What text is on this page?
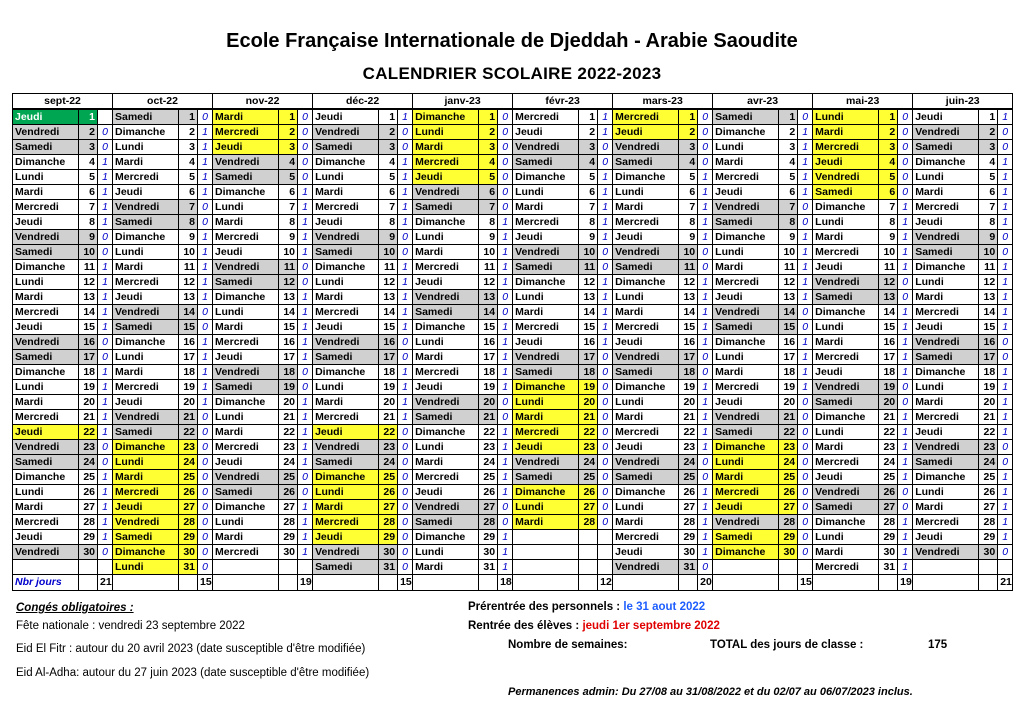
Ecole Française Internationale de Djeddah - Arabie Saoudite
CALENDRIER SCOLAIRE 2022-2023
sept-22			oct-22			nov-22			déc-22			janv-23			févr-23			mars-23			avr-23			mai-23			juin-23		
Jeudi	1		Samedi	1	0	Mardi	1	0	Jeudi	1	1	Dimanche	1	0	Mercredi	1	1	Mercredi	1	0	Samedi	1	0	Lundi	1	0	Jeudi	1	1
Vendredi	2	0	Dimanche	2	1	Mercredi	2	0	Vendredi	2	0	Lundi	2	0	Jeudi	2	1	Jeudi	2	0	Dimanche	2	1	Mardi	2	0	Vendredi	2	0
Samedi	3	0	Lundi	3	1	Jeudi	3	0	Samedi	3	0	Mardi	3	0	Vendredi	3	0	Vendredi	3	0	Lundi	3	1	Mercredi	3	0	Samedi	3	0
Dimanche	4	1	Mardi	4	1	Vendredi	4	0	Dimanche	4	1	Mercredi	4	0	Samedi	4	0	Samedi	4	0	Mardi	4	1	Jeudi	4	0	Dimanche	4	1
Lundi	5	1	Mercredi	5	1	Samedi	5	0	Lundi	5	1	Jeudi	5	0	Dimanche	5	1	Dimanche	5	1	Mercredi	5	1	Vendredi	5	0	Lundi	5	1
Mardi	6	1	Jeudi	6	1	Dimanche	6	1	Mardi	6	1	Vendredi	6	0	Lundi	6	1	Lundi	6	1	Jeudi	6	1	Samedi	6	0	Mardi	6	1
Mercredi	7	1	Vendredi	7	0	Lundi	7	1	Mercredi	7	1	Samedi	7	0	Mardi	7	1	Mardi	7	1	Vendredi	7	0	Dimanche	7	1	Mercredi	7	1
Jeudi	8	1	Samedi	8	0	Mardi	8	1	Jeudi	8	1	Dimanche	8	1	Mercredi	8	1	Mercredi	8	1	Samedi	8	0	Lundi	8	1	Jeudi	8	1
Vendredi	9	0	Dimanche	9	1	Mercredi	9	1	Vendredi	9	0	Lundi	9	1	Jeudi	9	1	Jeudi	9	1	Dimanche	9	1	Mardi	9	1	Vendredi	9	0
Samedi	10	0	Lundi	10	1	Jeudi	10	1	Samedi	10	0	Mardi	10	1	Vendredi	10	0	Vendredi	10	0	Lundi	10	1	Mercredi	10	1	Samedi	10	0
Dimanche	11	1	Mardi	11	1	Vendredi	11	0	Dimanche	11	1	Mercredi	11	1	Samedi	11	0	Samedi	11	0	Mardi	11	1	Jeudi	11	1	Dimanche	11	1
Lundi	12	1	Mercredi	12	1	Samedi	12	0	Lundi	12	1	Jeudi	12	1	Dimanche	12	1	Dimanche	12	1	Mercredi	12	1	Vendredi	12	0	Lundi	12	1
Mardi	13	1	Jeudi	13	1	Dimanche	13	1	Mardi	13	1	Vendredi	13	0	Lundi	13	1	Lundi	13	1	Jeudi	13	1	Samedi	13	0	Mardi	13	1
Mercredi	14	1	Vendredi	14	0	Lundi	14	1	Mercredi	14	1	Samedi	14	0	Mardi	14	1	Mardi	14	1	Vendredi	14	0	Dimanche	14	1	Mercredi	14	1
Jeudi	15	1	Samedi	15	0	Mardi	15	1	Jeudi	15	1	Dimanche	15	1	Mercredi	15	1	Mercredi	15	1	Samedi	15	0	Lundi	15	1	Jeudi	15	1
Vendredi	16	0	Dimanche	16	1	Mercredi	16	1	Vendredi	16	0	Lundi	16	1	Jeudi	16	1	Jeudi	16	1	Dimanche	16	1	Mardi	16	1	Vendredi	16	0
Samedi	17	0	Lundi	17	1	Jeudi	17	1	Samedi	17	0	Mardi	17	1	Vendredi	17	0	Vendredi	17	0	Lundi	17	1	Mercredi	17	1	Samedi	17	0
Dimanche	18	1	Mardi	18	1	Vendredi	18	0	Dimanche	18	1	Mercredi	18	1	Samedi	18	0	Samedi	18	0	Mardi	18	1	Jeudi	18	1	Dimanche	18	1
Lundi	19	1	Mercredi	19	1	Samedi	19	0	Lundi	19	1	Jeudi	19	1	Dimanche	19	0	Dimanche	19	1	Mercredi	19	1	Vendredi	19	0	Lundi	19	1
Mardi	20	1	Jeudi	20	1	Dimanche	20	1	Mardi	20	1	Vendredi	20	0	Lundi	20	0	Lundi	20	1	Jeudi	20	0	Samedi	20	0	Mardi	20	1
Mercredi	21	1	Vendredi	21	0	Lundi	21	1	Mercredi	21	1	Samedi	21	0	Mardi	21	0	Mardi	21	1	Vendredi	21	0	Dimanche	21	1	Mercredi	21	1
Jeudi	22	1	Samedi	22	0	Mardi	22	1	Jeudi	22	0	Dimanche	22	1	Mercredi	22	0	Mercredi	22	1	Samedi	22	0	Lundi	22	1	Jeudi	22	1
Vendredi	23	0	Dimanche	23	0	Mercredi	23	1	Vendredi	23	0	Lundi	23	1	Jeudi	23	0	Jeudi	23	1	Dimanche	23	0	Mardi	23	1	Vendredi	23	0
Samedi	24	0	Lundi	24	0	Jeudi	24	1	Samedi	24	0	Mardi	24	1	Vendredi	24	0	Vendredi	24	0	Lundi	24	0	Mercredi	24	1	Samedi	24	0
Dimanche	25	1	Mardi	25	0	Vendredi	25	0	Dimanche	25	0	Mercredi	25	1	Samedi	25	0	Samedi	25	0	Mardi	25	0	Jeudi	25	1	Dimanche	25	1
Lundi	26	1	Mercredi	26	0	Samedi	26	0	Lundi	26	0	Jeudi	26	1	Dimanche	26	0	Dimanche	26	1	Mercredi	26	0	Vendredi	26	0	Lundi	26	1
Mardi	27	1	Jeudi	27	0	Dimanche	27	1	Mardi	27	0	Vendredi	27	0	Lundi	27	0	Lundi	27	1	Jeudi	27	0	Samedi	27	0	Mardi	27	1
Mercredi	28	1	Vendredi	28	0	Lundi	28	1	Mercredi	28	0	Samedi	28	0	Mardi	28	0	Mardi	28	1	Vendredi	28	0	Dimanche	28	1	Mercredi	28	1
Jeudi	29	1	Samedi	29	0	Mardi	29	1	Jeudi	29	0	Dimanche	29	1				Mercredi	29	1	Samedi	29	0	Lundi	29	1	Jeudi	29	1
Vendredi	30	0	Dimanche	30	0	Mercredi	30	1	Vendredi	30	0	Lundi	30	1				Jeudi	30	1	Dimanche	30	0	Mardi	30	1	Vendredi	30	0
			Lundi	31	0				Samedi	31	0	Mardi	31	1				Vendredi	31	0				Mercredi	31	1			
Nbr jours		21			15			19			15			18			12			20			15			19			21
Congés obligatoires :
Fête nationale : vendredi 23 septembre 2022
Eid El Fitr : autour du 20 avril 2023 (date susceptible d'être modifiée)
Eid Al-Adha: autour du 27 juin 2023 (date susceptible d'être modifiée)
Prérentrée des personnels : le 31 aout 2022
Rentrée des élèves : jeudi 1er septembre 2022
Nombre de semaines:	TOTAL des jours de classe :	175
Permanences admin: Du 27/08 au 31/08/2022 et du 02/07 au 06/07/2023 inclus.
